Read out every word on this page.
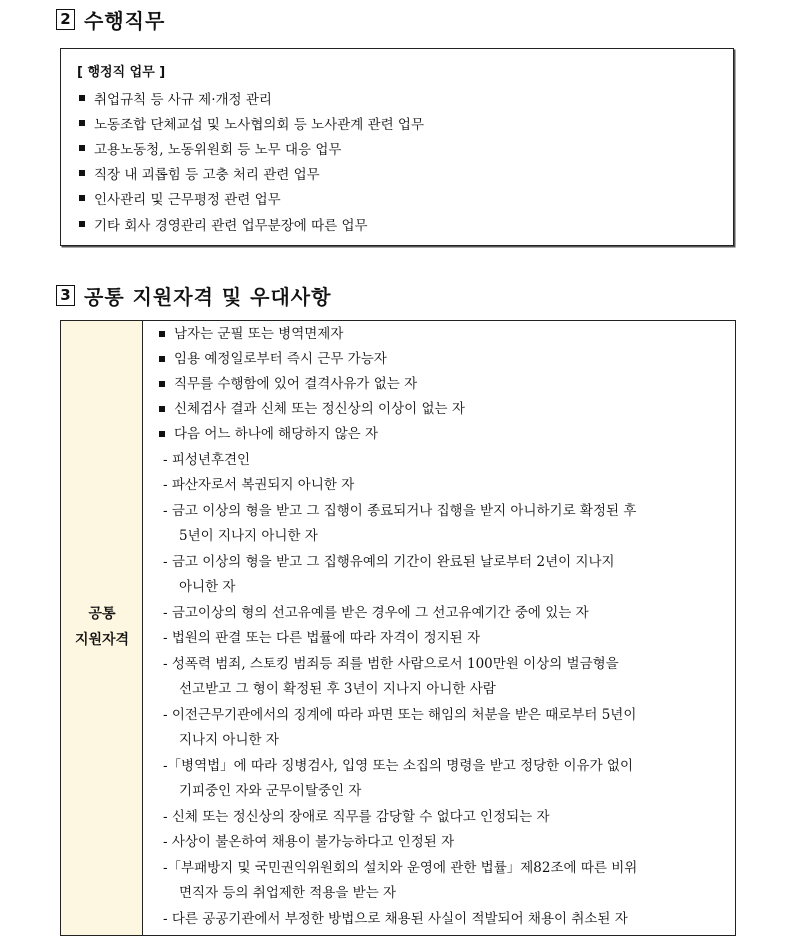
2 수행직무
[ 행정직 업무 ]
취업규칙 등 사규 제·개정 관리
노동조합 단체교섭 및 노사협의회 등 노사관계 관련 업무
고용노동청, 노동위원회 등 노무 대응 업무
직장 내 괴롭힘 등 고충 처리 관련 업무
인사관리 및 근무평정 관련 업무
기타 회사 경영관리 관련 업무분장에 따른 업무
3 공통 지원자격 및 우대사항
공통
지원자격
남자는 군필 또는 병역면제자
임용 예정일로부터 즉시 근무 가능자
직무를 수행함에 있어 결격사유가 없는 자
신체검사 결과 신체 또는 정신상의 이상이 없는 자
다음 어느 하나에 해당하지 않은 자
- 피성년후견인
- 파산자로서 복권되지 아니한 자
- 금고 이상의 형을 받고 그 집행이 종료되거나 집행을 받지 아니하기로 확정된 후
5년이 지나지 아니한 자
- 금고 이상의 형을 받고 그 집행유예의 기간이 완료된 날로부터 2년이 지나지
아니한 자
- 금고이상의 형의 선고유예를 받은 경우에 그 선고유예기간 중에 있는 자
- 법원의 판결 또는 다른 법률에 따라 자격이 정지된 자
- 성폭력 범죄, 스토킹 범죄등 죄를 범한 사람으로서 100만원 이상의 벌금형을
선고받고 그 형이 확정된 후 3년이 지나지 아니한 사람
- 이전근무기관에서의 징계에 따라 파면 또는 해임의 처분을 받은 때로부터 5년이
지나지 아니한 자
-「병역법」에 따라 징병검사, 입영 또는 소집의 명령을 받고 정당한 이유가 없이
기피중인 자와 군무이탈중인 자
- 신체 또는 정신상의 장애로 직무를 감당할 수 없다고 인정되는 자
- 사상이 불온하여 채용이 불가능하다고 인정된 자
-「부패방지 및 국민권익위원회의 설치와 운영에 관한 법률」제82조에 따른 비위
면직자 등의 취업제한 적용을 받는 자
- 다른 공공기관에서 부정한 방법으로 채용된 사실이 적발되어 채용이 취소된 자
